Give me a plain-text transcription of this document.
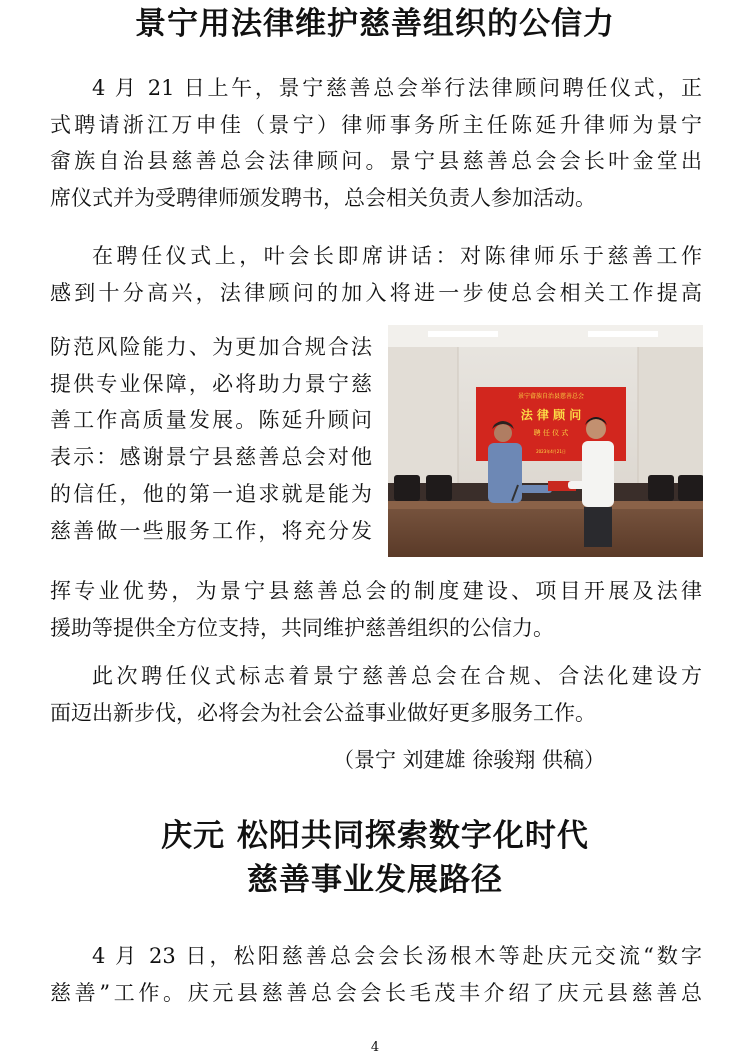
景宁用法律维护慈善组织的公信力
4 月 21 日上午，景宁慈善总会举行法律顾问聘任仪式，正
式聘请浙江万申佳（景宁）律师事务所主任陈延升律师为景宁
畲族自治县慈善总会法律顾问。景宁县慈善总会会长叶金堂出
席仪式并为受聘律师颁发聘书，总会相关负责人参加活动。
在聘任仪式上，叶会长即席讲话：对陈律师乐于慈善工作
感到十分高兴，法律顾问的加入将进一步使总会相关工作提高
防范风险能力、为更加合规合法
提供专业保障，必将助力景宁慈
善工作高质量发展。陈延升顾问
表示：感谢景宁县慈善总会对他
的信任，他的第一追求就是能为
慈善做一些服务工作，将充分发
景宁畲族自治县慈善总会
法 律 顾 问
聘 任 仪 式
2023年4月21日
挥专业优势，为景宁县慈善总会的制度建设、项目开展及法律
援助等提供全方位支持，共同维护慈善组织的公信力。
此次聘任仪式标志着景宁慈善总会在合规、合法化建设方
面迈出新步伐，必将会为社会公益事业做好更多服务工作。

（景宁 刘建雄 徐骏翔 供稿）

庆元 松阳共同探索数字化时代
慈善事业发展路径
4 月 23 日，松阳慈善总会会长汤根木等赴庆元交流“数字
慈善”工作。庆元县慈善总会会长毛茂丰介绍了庆元县慈善总
4
